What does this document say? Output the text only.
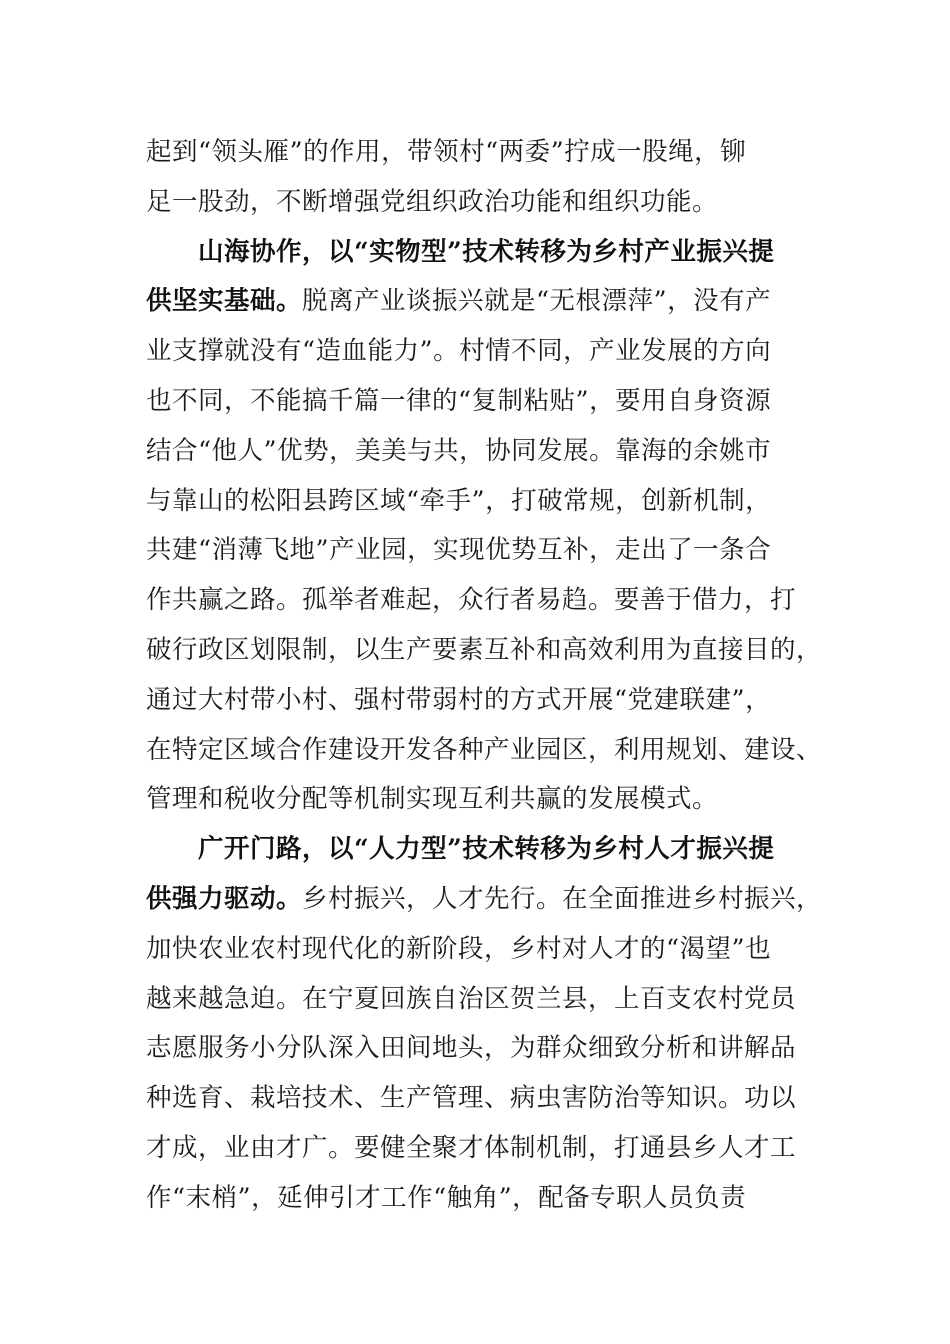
起到“领头雁”的作用，带领村“两委”拧成一股绳，铆
足一股劲，不断增强党组织政治功能和组织功能。
山海协作，以“实物型”技术转移为乡村产业振兴提
供坚实基础。脱离产业谈振兴就是“无根漂萍”，没有产
业支撑就没有“造血能力”。村情不同，产业发展的方向
也不同，不能搞千篇一律的“复制粘贴”，要用自身资源
结合“他人”优势，美美与共，协同发展。靠海的余姚市
与靠山的松阳县跨区域“牵手”，打破常规，创新机制，
共建“消薄飞地”产业园，实现优势互补，走出了一条合
作共赢之路。孤举者难起，众行者易趋。要善于借力，打
破行政区划限制，以生产要素互补和高效利用为直接目的，
通过大村带小村、强村带弱村的方式开展“党建联建”，
在特定区域合作建设开发各种产业园区，利用规划、建设、
管理和税收分配等机制实现互利共赢的发展模式。
广开门路，以“人力型”技术转移为乡村人才振兴提
供强力驱动。乡村振兴，人才先行。在全面推进乡村振兴，
加快农业农村现代化的新阶段，乡村对人才的“渴望”也
越来越急迫。在宁夏回族自治区贺兰县，上百支农村党员
志愿服务小分队深入田间地头，为群众细致分析和讲解品
种选育、栽培技术、生产管理、病虫害防治等知识。功以
才成，业由才广。要健全聚才体制机制，打通县乡人才工
作“末梢”，延伸引才工作“触角”，配备专职人员负责
